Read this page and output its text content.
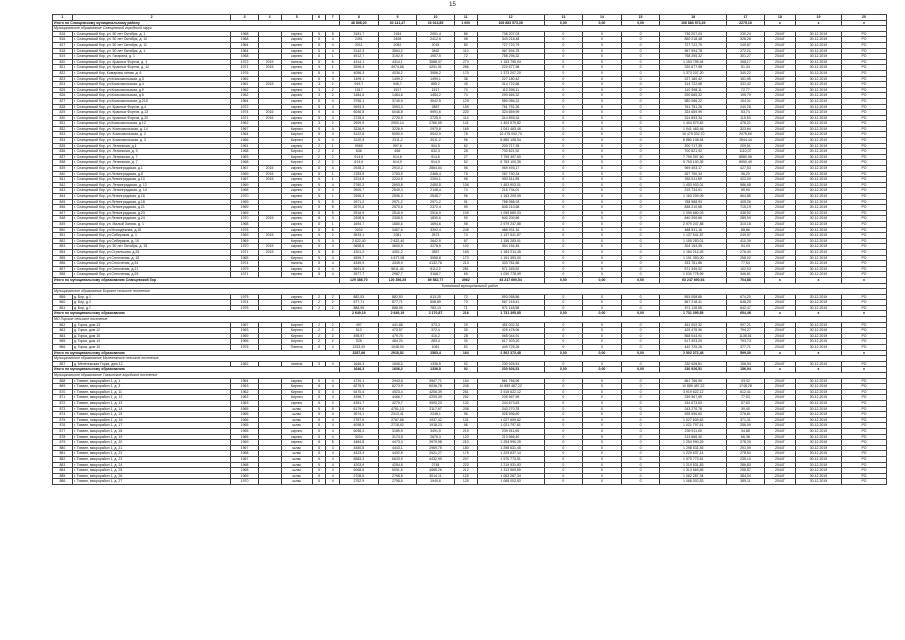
15
1	2	3	4	5	6	7	8	9	10	11	12	13	14	15	16	17	18	19	20
Итого по Сланцевскому муниципальному району							46 808,20	30 141,47	23 013,85	1 000	106 883 573,39	0,00	0,00	0,00	106 883 573,39	2275,16	x	x	x
Муниципальное образование Сланцевский городской округ																			
815	г. Сланцевский бор, ул. 50 лет Октября, д. 1	1968		кирпич	5	8	3181,7	2184	2051,4	86	736 207,03	0	0	0	736 207,03	230,24	2044Г	30.12.2019	РО
816	г. Сланцевский бор, ул. 50 лет Октября, д. 10	1968		кирпич	5	4	2491	2498	2412,5	98	349 218,48	0	0	0	850 218,48	328,26	2044Г	30.12.2019	РО
817	г. Сланцевский бор, ул. 50 лет Октября, д. 11	1964		кирпич	5	4	2011	2052	2015	80	727 722,79	0	0	0	727 722,79	245,87	2044Г	30.12.2019	РО
818	г. Сланцевский бор, ул. 50 лет Октября, д. 1	1964		кирпич	5	4	3142,3	3594,2	3462	110	967 594,78	0	0	0	967 594,78	272,21	2044Г	30.12.2019	РО
819	г. Сланцевский бор, ул. Гагарина, д. 1	1968		кирпич	5	1	4912,7	3192,9	1907,5	72	758 295,32	0	0	0	758 295,32	301,27	2044Г	30.12.2019	РО
820	г. Сланцевский бор, ул. Красных Фортов, д. 1	1972	2015	панель	5	6	4314,1	4314,1	3588,37	273	1 153 795,94	0	0	0	1 153 795,94	268,17	2044Г	30.12.2019	РО
821	г. Сланцевский бор, ул. Красных Фортов, д. 12	1971	2015	кирпич	9	1	5396,4	4974,68	4251,31	286	220 677,98	0	0	0	220 677,98	51,34	2044Г	30.12.2019	РО
822	г. Сланцевский бор, Комарова линия, д. 6	1976		кирпич	5	4	4056,3	4036,2	3956,2	170	1 373 207,20	0	0	0	1 373 207,20	340,22	2044Г	30.12.2019	РО
823	г. Сланцевский бор, ул.Комсомольская, д.3	1962		кирпич	5	3	1499,1	1499,2	1499,1	38	227 180,42	0	0	0	227 180,42	151,55	2044Г	30.12.2019	РО
824	г. Сланцевский бор, ул.Комсомольская, д.4	1961	2015	кирпич	3	2	949,7	945,7	885,2	45	314 722,68	0	0	0	314 722,68	331,42	2044Г	30.12.2019	РО
825	г. Сланцевский бор, ул.Комсомольская, д.5	1962		кирпич	3	2	1517	1517	1517	70	110 398,11	0	0	0	110 398,11	72,77	2044Г	30.12.2019	РО
826	г. Сланцевский бор, ул.Комсомольская, д.6	1962		кирпич	3	2	1484,6	1484,6	1484,2	74	290 665,32	0	0	0	290 665,32	195,79	2044Г	30.12.2019	РО
827	г. Сланцевский бор, ул.Комсомольская, д.21б	1964		кирпич	5	4	3756,1	3745,9	3642,5	129	580 086,22	0	0	0	580 086,22	154,31	2044Г	30.12.2019	РО
828	г. Сланцевский бор, ул. Красных Фортов, д.4	1972		кирпич	5	4	3993,3	3993,3	2857	159	761 751,26	0	0	0	761 751,26	240,28	2044Г	30.12.2019	РО
829	г. Сланцевский бор, ул. Красных Фортов, д.13	1974	2016	кирпич	9	4	6046,8	6046,8	5991,6	220	324 659,99	0	0	0	324 659,99	53,74	2044Г	30.12.2019	РО
830	г. Сланцевский бор, ул. Красных Фортов, д.20	1971	2015	кирпич	5	4	2725,9	2725,9	2725,9	114	314 893,34	0	0	0	314 893,34	115,53	2044Г	30.12.2019	РО
831	г. Сланцевский бор, ул.Комсомольская, д.12	1962		кирпич	3	2	2909,9	2900,14	2766,99	141	1 404 579,82	0	0	0	1 404 579,82	476,21	2044Г	30.12.2019	РО
832	г. Сланцевский бор, ул. Комсомольская, д. 14	1967		Кирпич	5	4	3226,9	3226,9	2970,8	165	1 041 463,46	0	0	0	1 041 463,46	323,64	2044Г	30.12.2019	РО
833	г. Сланцевский бор, ул. Комсомольская, д. 2	1964		Кирпич	5	4	5122,6	5050,9	5042,9	78	10 475 032,70	0	0	0	10 475 032,70	2075,60	2044Г	30.12.2019	РО
834	г. Сланцевский бор, ул. Комсомольская, д. 3	1966		Кирпич	5	4	3120,9	2311,2	2011,2	96	8 880 108,54	0	0	0	8 880 108,54	2844,44	2044Г	30.12.2019	РО
835	г. Сланцевский бор, ул. Ленинская, д.1	1961		кирпич	2	1	9960	957,6	904,5	62	200 717,35	0	0	0	200 717,35	209,51	2044Г	30.12.2019	РО
836	г. Сланцевский бор, ул. Ленинская, д. 3	1968		Кирпич	2	2	636	636	632,3	28	700 821,92	0	0	0	700 821,92	1110,07	2044Г	30.12.2019	РО
837	г. Сланцевский бор, ул. Ленинская, д. 7	1963		Кирпич	2	2	914,6	914,6	914,6	27	7 799 397,60	0	0	0	7 799 397,60	8580,96	2044Г	30.12.2019	РО
838	г. Сланцевский бор, ул. Ленинская, д. 7	1968		Кирпич	2	2	614,9	614,9	614,9	52	5 753 100,35	0	0	0	5 753 100,35	8950,49	2044Г	30.12.2019	РО
839	г. Сланцевский бор, ул.Ленинградская, д.1	1967	2015	кирпич	5	4	2928,2	2910,2	2864,64	96	969 493,17	0	0	0	969 493,17	427,53	2044Г	30.12.2019	РО
840	г. Сланцевский бор, ул.Ленинградская, д.8	1969	2015	кирпич	5	1	2783,9	2783,9	2465,4	76	267 790,34	0	0	0	267 790,34	96,20	2044Г	30.12.2019	РО
841	г. Сланцевский бор, ул.Ленинградская, д.10	1967	2015	кирпич	5	1	2224,5	2224,5	2200,1	96	953 511,89	0	0	0	953 511,89	422,09	2044Г	30.12.2019	РО
842	г. Сланцевский бор, ул. Ленинградская, д. 12	1969		кирпич	5	4	2760,3	2693,6	2450,8	106	1 453 903,01	0	0	0	1 453 903,01	586,68	2044Г	30.12.2019	РО
843	г. Сланцевский бор, ул. Ленинградская, д. 14	1968		кирпич	5	4	2505,7	2549,3	2148,4	74	215 734,01	0	0	0	215 734,01	85,99	2044Г	30.12.2019	РО
844	г. Сланцевский бор, ул.Ленинградская, д.16	1970		кирпич	5	1	2596,3	2596,3	2548,7	96	1 163 209,09	0	0	0	1 163 209,09	564,85	2044Г	30.12.2019	РО
845	г. Сланцевский бор, ул.Ленинградская, д.18	1969		кирпич	5	5	2971,2	2971,2	2971,2	91	788 988,93	0	0	0	788 988,93	405,26	2044Г	30.12.2019	РО
846	г. Сланцевский бор, ул.Ленинградская, д.21	1969		кирпич	5	5	2570,6	2570,6	2372,4	99	838 210,68	0	0	0	838 210,68	715,19	2044Г	30.12.2019	РО
847	г. Сланцевский бор, ул.Ленинградская, д.23	1969		кирпич	5	5	2516,9	2516,9	2516,9	109	1 099 680,03	0	0	0	1 099 680,03	436,92	2044Г	30.12.2019	РО
848	г. Сланцевский бор, ул.Ленинградская, д.24	1970	2015	кирпич	5	3	2308,5	2308,5	1830,6	90	640 200,66	0	0	0	640 200,66	289,09	2044Г	30.12.2019	РО
849	г. Сланцевский бор, ул. Малый Заняск, д. 1	1968		кирпич	5	1	1694,7	1680,6	1694,6	98	2 979 247,88	0	0	0	2 979 247,88	310,18	2044Г	30.12.2019	РО
850	г. Сланцевский бор, ул.Молодёжная, д.15	1976		кирпич	5	8	3202	3467,6	3392,4	245	488 931,16	0	0	0	488 931,16	88,86	2044Г	30.12.2019	РО
851	г. Сланцевский бор, ул.Сибиряков, д. 1	1969	2015	кирпич	5	2	3533,1	2981	2573	74	1 137 541,87	0	0	0	1 137 541,87	249,57	2044Г	30.12.2019	РО
852	г. Сланцевский бор, ул.Сибиряков, д. 19	1969		Кирпич	5	4	2 822,40	2 822,40	2642,5	87	1 155 283,01	0	0	0	1 155 283,01	410,39	2044Г	30.12.2019	РО
853	г. Сланцевский бор, ул. 50 лет Октября, д. 15	1970	2015	кирпич	5	4	3658,6	3600,9	3278,5	102	304 154,45	0	0	0	304 154,45	94,03	2044Г	30.12.2019	РО
854	г. Сланцевский бор, ул.Стрельская, д.26	1971	2015	кирпич	5	8	4301,2	4301,2	2857	165	1 184 214,45	0	0	0	1 184 214,45	276,40	2044Г	30.12.2019	РО
855	г. Сланцевский бор, ул.Сплочения, д. 15	1965		Кирпич	5	4	4599,7	4 677,08	3958,8	173	1 191 353,00	0	0	0	1 191 353,00	258,02	2044Г	30.12.2019	РО
856	г. Сланцевский бор, ул.Сплочения, д.34	1974		панель	5	4	4349,9	4349,9	4132,76	213	333 781,86	0	0	0	333 781,86	77,54	2044Г	30.12.2019	РО
857	г. Сланцевский бор, ул.Сплочения, д.21	1979		кирпич	5	4	5691,8	5611,44	5112,2	281	571 345,52	0	0	0	571 345,52	102,03	2044Г	30.12.2019	РО
858	г. Сланцевский бор, ул.Сплочения, д.29	1971		кирпич	5	4	3977,7	2987,7	3168,7	65	1 030 778,99	0	0	0	1 030 778,99	346,81	2044Г	30.12.2019	РО
Итого по муниципальному образованию Сланцевский бор							129 386,70	120 356,25	89 582,77	3962	63 247 690,54	0,00	0,00	0,00	63 247 690,54	704,88	x	x	x
Тихвинский муниципальный район																			
Муниципальное образование Борское сельское поселение																			
859	д. Бор, д.1	1975		кирпич	2	2	882,53	882,53	613,25	72	593 058,86	0	0	0	593 058,86	674,20	2044Г	30.12.2019	РО
860	д. Бор, д.2	1974		кирпич	2	2	877,71	877,71	508,89	73	567 218,41	0	0	0	567 218,41	646,25	2044Г	30.12.2019	РО
861	д. Бор, д.7	1975		кирпич	2	2	888,95	888,95	783,13	71	571 118,58	0	0	0	571 118,58	642,47	2044Г	30.12.2019	РО
Итого по муниципальному образованию							2 649,19	2 649,19	2 170,87	216	1 731 395,85	0,00	0,00	0,00	1 731 395,85	654,46	x	x	x
МО Горское сельское поселение																			
862	д. Горка, дом 13	1967		Кирпич	2	2	497	441,68	373,3	29	451 002,32	0	0	0	451 002,32	907,21	2044Г	30.12.2019	РО
863	д. Горка, дом 12	1963		Кирпич	2	2	513	473,57	372,4	30	425 478,96	0	0	0	425 478,96	794,27	2044Г	30.12.2019	РО
864	д. Горка, дом 15	1969		Кирпич	2	2	498,97	479,70	416,2	28	568 044,91	0	0	0	568 044,91	1138,51	2044Г	30.12.2019	РО
865	д. Горка, дом 14	1966		Кирпич	2	2	526	484,24	283,4	30	617 303,20	0	0	0	617 303,20	793,73	2044Г	30.12.2019	РО
866	д. Горка, дом 10	1976		Панель	5	4	1253,00	1048,00	1081	52	440 725,26	0	0	0	440 725,26	377,71	2044Г	30.12.2019	РО
Итого по муниципальному образованию							3287,66	2918,52	2583,4	164	2 502 372,48	0,00	0,00	0,00	2 502 372,48	599,30	x	x	x
Муниципальное образование Мелегежское сельское поселение																			
867	д. Мелегежская Горка, дом 12	1962		панель	3	4	1646,3	1606,2	1336,5	92	230 926,51	0	0	0	230 926,51	156,94	2044Г	30.12.2019	РО
Итого по муниципальному образованию							1646,3	1606,2	1336,5	92	230 926,51	0,00	0,00	0,00	230 926,51	156,94	x	x	x
Муниципальное образование Тихвинское городское поселение																			
868	г. Тихвин, микрорайон 1, д. 1	1964		кирпич	5	4	4729,1	2943,8	3907,71	154	661 766,99	0	0	0	661 766,99	93,42	2044Г	30.12.2019	РО
869	г. Тихвин, микрорайон 1, д. 3	1963		Кирпич	5	4	6275,9	6273,9	6036,78	248	10 889 487,22	0	0	0	10 889 487,22	1748,28	2044Г	30.12.2019	РО
870	г. Тихвин, микрорайон 1, д. 11	1962		Кирпич	5	4	6470,4	4923,4	4206,39	261	3 919 622,12	0	0	0	3 919 622,12	612,41	2044Г	30.12.2019	РО
871	г. Тихвин, микрорайон 1, д. 12	1962		Кирпич	5	4	4396,7	4466,7	4209,39	252	239 967,95	0	0	0	239 967,95	77,53	2044Г	30.12.2019	РО
872	г. Тихвин, микрорайон 1, д. 13	1963		кирпич	5	4	4351,7	4279,7	3900,23	132	244 673,63	0	0	0	244 673,63	57,83	2044Г	30.12.2019	РО
873	г. Тихвин, микрорайон 1, д. 14	1965		шлак	5	5	6179,6	4751,13	2117,67	208	243 270,78	0	0	0	243 270,78	39,40	2044Г	30.12.2019	РО
874	г. Тихвин, микрорайон 1, д. 15	1965		шлак	5	4	3974,1	2313,41	2248,1	96	928 596,60	0	0	0	928 596,60	276,81	2044Г	30.12.2019	РО
875	г. Tихвин, микрорайон 1, д. 16	1966		шлак	5	4	2787,6	2767,66	1937,42	131	1 027 609,62	0	0	0	1 027 609,62	371,31	2044Г	30.12.2019	РО
876	г. Тихвин, микрорайон 1, д. 17	1965		шлак	5	4	4098,9	2718,92	1918,23	98	1 021 797,61	0	0	0	1 021 797,61	256,09	2044Г	30.12.2019	РО
877	г. Тихвин, микрорайон 1, д. 18	1965		кирпич	5	4	6098,4	3189,5	3491,5	219	239 911,60	0	0	0	239 911,60	34,88	2044Г	30.12.2019	РО
878	г. Тихвин, микрорайон 1, д. 19	1965		кирпич	5	4	3204	3174,8	2675,3	123	213 666,40	0	0	0	213 666,40	66,38	2044Г	30.12.2019	РО
879	г. Тихвин, микрорайон 1, д. 20	1969		кирпич	5	5	4484,8	4473,3	3979,98	210	1 254 990,25	0	0	0	1 254 990,25	278,29	2044Г	30.12.2019	РО
880	г. Тихвин, микрорайон 1, д. 21	1967		шлак	5	4	4460,8	4443,1	2969,75	180	1 298 631,45	0	0	0	1 298 631,45	291,09	2044Г	30.12.2019	РО
881	г. Тихвин, микрорайон 1, д. 22	1968		шлак	5	4	4423,3	4492,5	2921,27	175	1 229 637,14	0	0	0	1 229 637,14	278,54	2044Г	30.12.2019	РО
882	г. Тихвин, микрорайон 1, д. 23	1967		шлак	5	4	6583,3	6633,9	4432,99	207	1 570 773,51	0	0	0	1 570 773,51	235,10	2044Г	30.12.2019	РО
883	г. Тихвин, микрорайон 1, д. 24	1968		шлак	5	4	4203,9	4254,6	2748	223	1 219 531,83	0	0	0	1 219 531,83	286,83	2044Г	30.12.2019	РО
884	г. Тихвин, микрорайон 1, д. 25	1968		шлак	5	4	5068,6	5091,5	4565,26	212	1 313 569,85	0	0	0	1 313 569,85	258,87	2044Г	30.12.2019	РО
885	г. Тихвин, микрорайон 1, д. 26	1969		шлак	5	4	2708,5	2768,6	3014,11	129	1 062 287,34	0	0	0	1 062 287,34	384,04	2044Г	30.12.2019	РО
886	г. Тихвин, микрорайон 1, д. 27	1970		шлак	5	4	2752,9	2758,6	1949,6	125	1 068 002,53	0	0	0	1 068 002,53	385,11	2044Г	30.12.2019	РО
